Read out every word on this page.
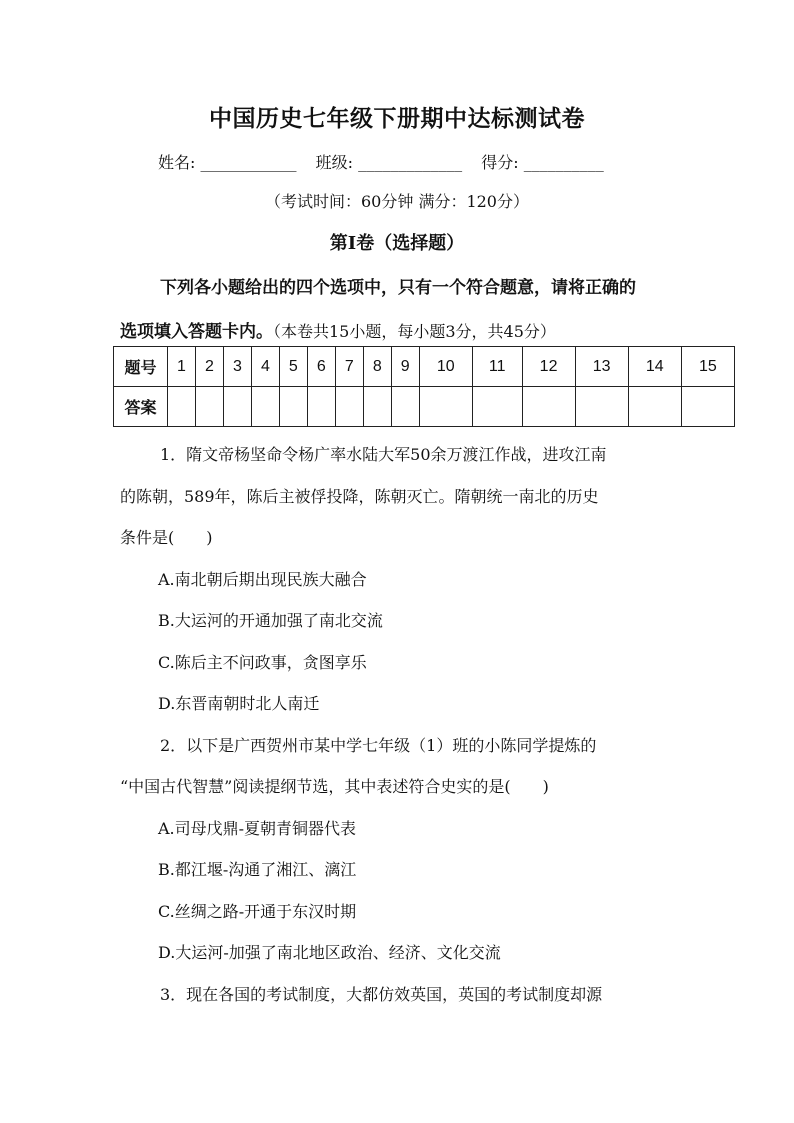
中国历史七年级下册期中达标测试卷
姓名: ____________ 班级: _____________ 得分: __________
（考试时间：60分钟 满分：120分）
第Ⅰ卷（选择题）
下列各小题给出的四个选项中，只有一个符合题意，请将正确的
选项填入答题卡内。（本卷共15小题，每小题3分，共45分）
题号	1	2	3	4	5	6	7	8	9	10	11	12	13	14	15
答案															
1．隋文帝杨坚命令杨广率水陆大军50余万渡江作战，进攻江南
的陈朝，589年，陈后主被俘投降，陈朝灭亡。隋朝统一南北的历史
条件是(　　)
A.南北朝后期出现民族大融合
B.大运河的开通加强了南北交流
C.陈后主不问政事，贪图享乐
D.东晋南朝时北人南迁
2．以下是广西贺州市某中学七年级（1）班的小陈同学提炼的
“中国古代智慧”阅读提纲节选，其中表述符合史实的是(　　)
A.司母戊鼎-夏朝青铜器代表
B.都江堰-沟通了湘江、漓江
C.丝绸之路-开通于东汉时期
D.大运河-加强了南北地区政治、经济、文化交流
3．现在各国的考试制度，大都仿效英国，英国的考试制度却源
